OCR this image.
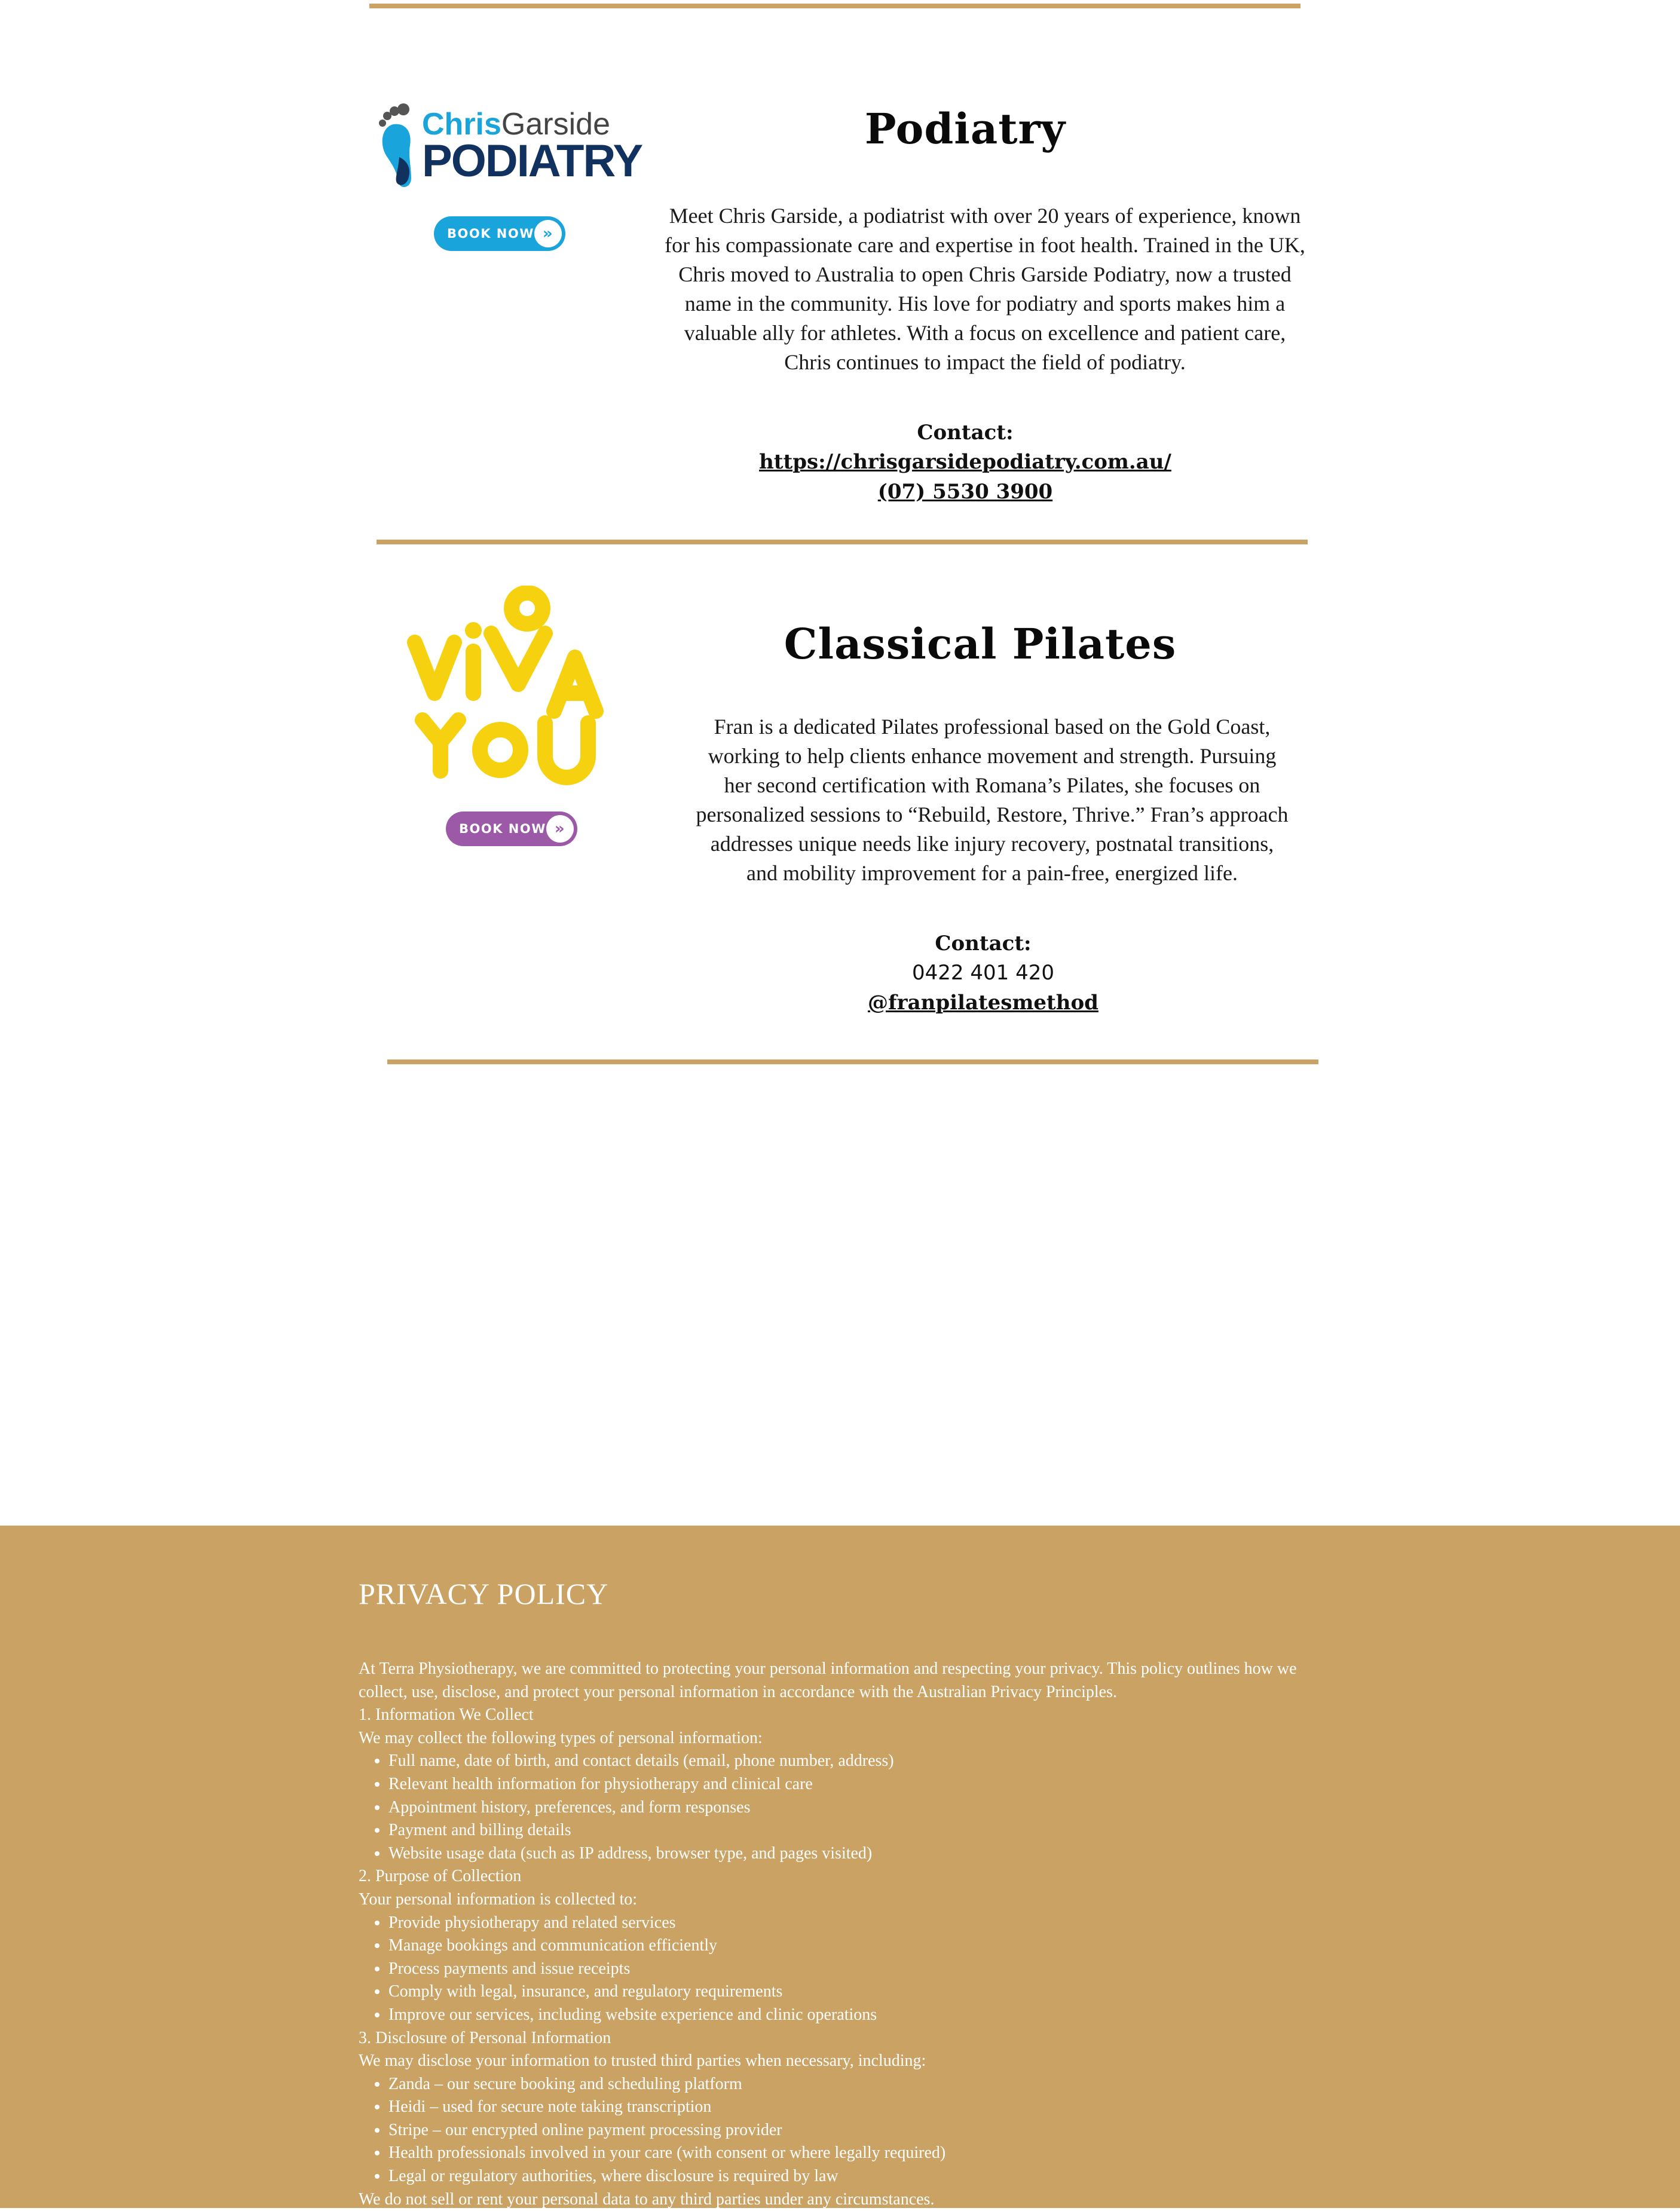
ChrisGarside
PODIATRY
BOOK NOW »
Podiatry
Meet Chris Garside, a podiatrist with over 20 years of experience, known for his compassionate care and expertise in foot health. Trained in the UK, Chris moved to Australia to open Chris Garside Podiatry, now a trusted name in the community. His love for podiatry and sports makes him a valuable ally for athletes. With a focus on excellence and patient care, Chris continues to impact the field of podiatry.
Contact:
https://chrisgarsidepodiatry.com.au/
(07) 5530 3900
BOOK NOW »
Classical Pilates
Fran is a dedicated Pilates professional based on the Gold Coast, working to help clients enhance movement and strength. Pursuing her second certification with Romana’s Pilates, she focuses on personalized sessions to “Rebuild, Restore, Thrive.” Fran’s approach addresses unique needs like injury recovery, postnatal transitions, and mobility improvement for a pain-free, energized life.
Contact:
0422 401 420
@franpilatesmethod
PRIVACY POLICY

At Terra Physiotherapy, we are committed to protecting your personal information and respecting your privacy. This policy outlines how we collect, use, disclose, and protect your personal information in accordance with the Australian Privacy Principles.

1. Information We Collect

We may collect the following types of personal information:

• Full name, date of birth, and contact details (email, phone number, address)
• Relevant health information for physiotherapy and clinical care
• Appointment history, preferences, and form responses
• Payment and billing details
• Website usage data (such as IP address, browser type, and pages visited)

2. Purpose of Collection

Your personal information is collected to:

• Provide physiotherapy and related services
• Manage bookings and communication efficiently
• Process payments and issue receipts
• Comply with legal, insurance, and regulatory requirements
• Improve our services, including website experience and clinic operations

3. Disclosure of Personal Information

We may disclose your information to trusted third parties when necessary, including:

• Zanda – our secure booking and scheduling platform
• Heidi – used for secure note taking transcription
• Stripe – our encrypted online payment processing provider
• Health professionals involved in your care (with consent or where legally required)
• Legal or regulatory authorities, where disclosure is required by law

We do not sell or rent your personal data to any third parties under any circumstances.
